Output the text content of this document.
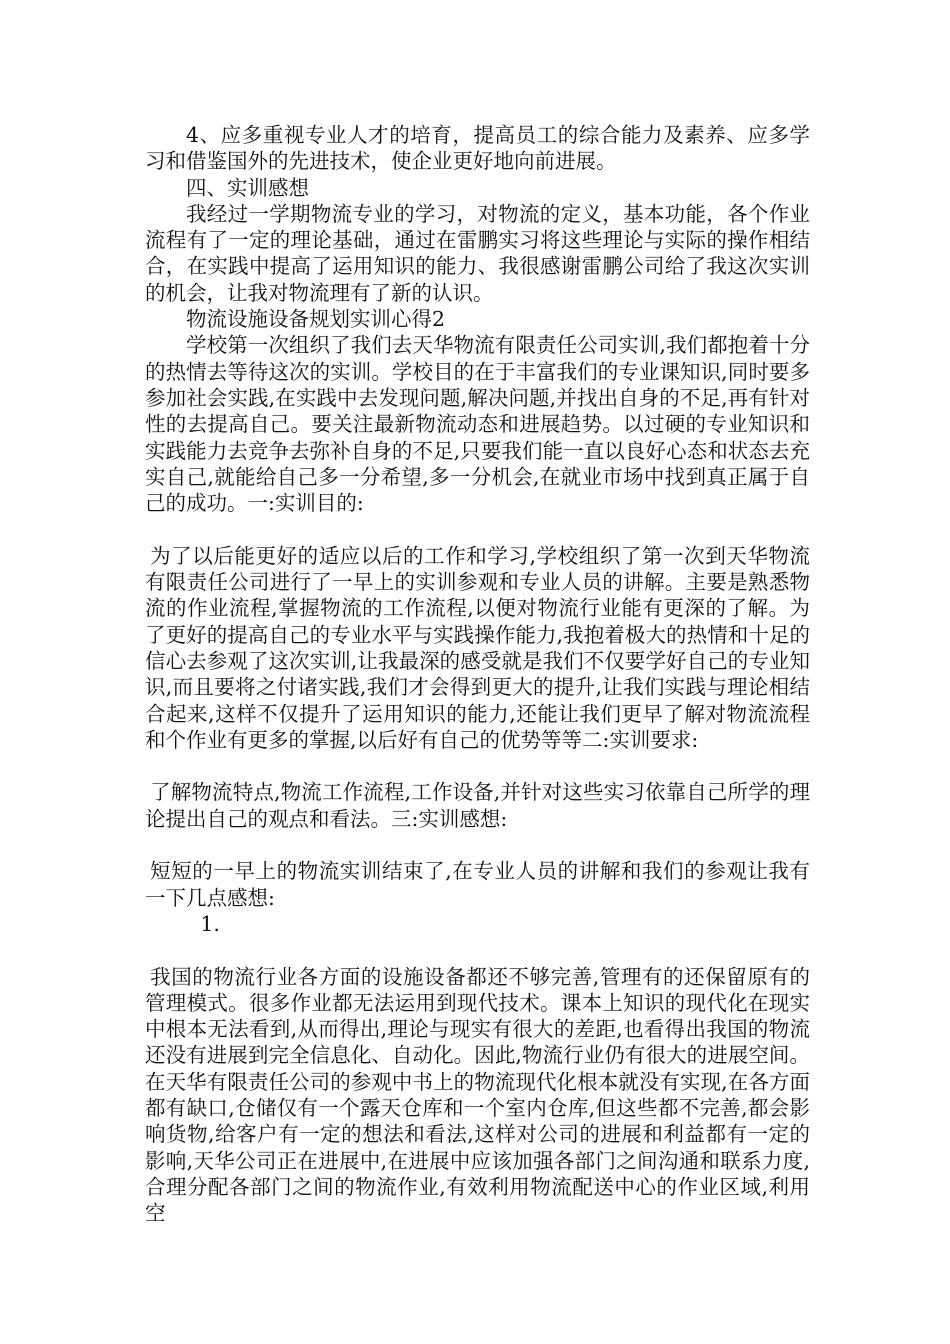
4、应多重视专业人才的培育，提高员工的综合能力及素养、应多学习和借鉴国外的先进技术，使企业更好地向前进展。

四、实训感想

我经过一学期物流专业的学习，对物流的定义，基本功能，各个作业流程有了一定的理论基础，通过在雷鹏实习将这些理论与实际的操作相结合，在实践中提高了运用知识的能力、我很感谢雷鹏公司给了我这次实训的机会，让我对物流理有了新的认识。

物流设施设备规划实训心得2

学校第一次组织了我们去天华物流有限责任公司实训,我们都抱着十分的热情去等待这次的实训。学校目的在于丰富我们的专业课知识,同时要多参加社会实践,在实践中去发现问题,解决问题,并找出自身的不足,再有针对性的去提高自己。要关注最新物流动态和进展趋势。以过硬的专业知识和实践能力去竞争去弥补自身的不足,只要我们能一直以良好心态和状态去充实自己,就能给自己多一分希望,多一分机会,在就业市场中找到真正属于自己的成功。一:实训目的:

为了以后能更好的适应以后的工作和学习,学校组织了第一次到天华物流有限责任公司进行了一早上的实训参观和专业人员的讲解。主要是熟悉物流的作业流程,掌握物流的工作流程,以便对物流行业能有更深的了解。为了更好的提高自己的专业水平与实践操作能力,我抱着极大的热情和十足的信心去参观了这次实训,让我最深的感受就是我们不仅要学好自己的专业知识,而且要将之付诸实践,我们才会得到更大的提升,让我们实践与理论相结合起来,这样不仅提升了运用知识的能力,还能让我们更早了解对物流流程和个作业有更多的掌握,以后好有自己的优势等等二:实训要求:

了解物流特点,物流工作流程,工作设备,并针对这些实习依靠自己所学的理论提出自己的观点和看法。三:实训感想:

短短的一早上的物流实训结束了,在专业人员的讲解和我们的参观让我有一下几点感想:

1.

我国的物流行业各方面的设施设备都还不够完善,管理有的还保留原有的管理模式。很多作业都无法运用到现代技术。课本上知识的现代化在现实中根本无法看到,从而得出,理论与现实有很大的差距,也看得出我国的物流还没有进展到完全信息化、自动化。因此,物流行业仍有很大的进展空间。在天华有限责任公司的参观中书上的物流现代化根本就没有实现,在各方面都有缺口,仓储仅有一个露天仓库和一个室内仓库,但这些都不完善,都会影响货物,给客户有一定的想法和看法,这样对公司的进展和利益都有一定的影响,天华公司正在进展中,在进展中应该加强各部门之间沟通和联系力度,合理分配各部门之间的物流作业,有效利用物流配送中心的作业区域,利用空
